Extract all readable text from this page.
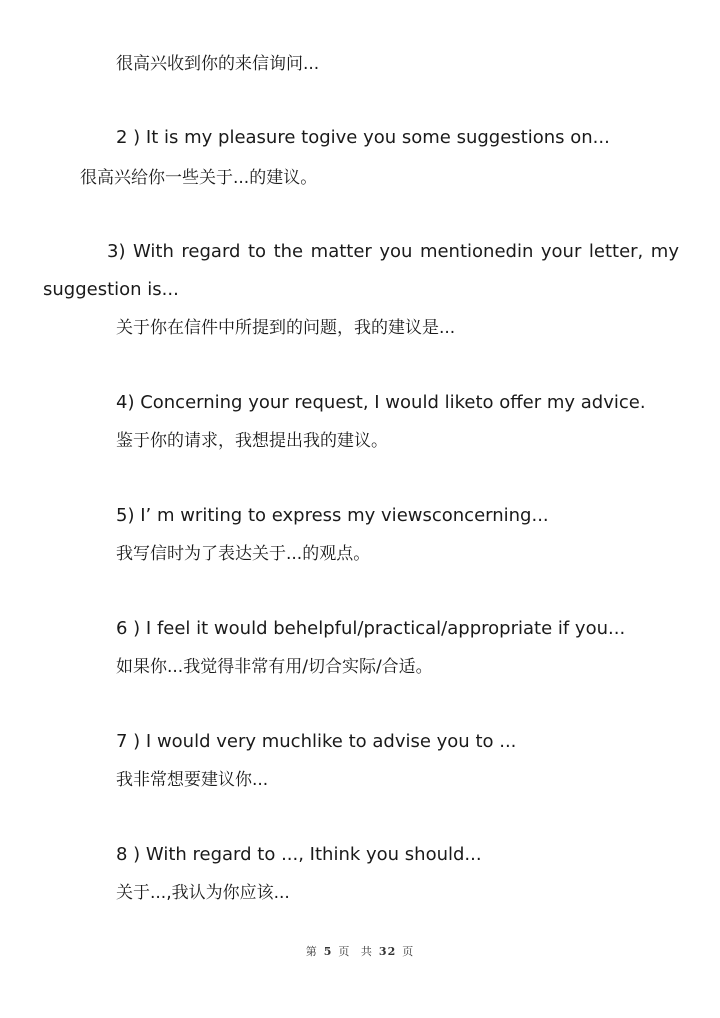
很高兴收到你的来信询问...
2 ) It is my pleasure togive you some suggestions on...
很高兴给你一些关于...的建议。
3) With regard to the matter you mentionedin your letter, my suggestion is...
关于你在信件中所提到的问题，我的建议是...
4) Concerning your request, I would liketo offer my advice.
鉴于你的请求，我想提出我的建议。
5) I’ m writing to express my viewsconcerning...
我写信时为了表达关于...的观点。
6 ) I feel it would behelpful/practical/appropriate if you...
如果你...我觉得非常有用/切合实际/合适。
7 ) I would very muchlike to advise you to ...
我非常想要建议你...
8 ) With regard to ..., Ithink you should...
关于...,我认为你应该...
第 5 页 共 32 页
